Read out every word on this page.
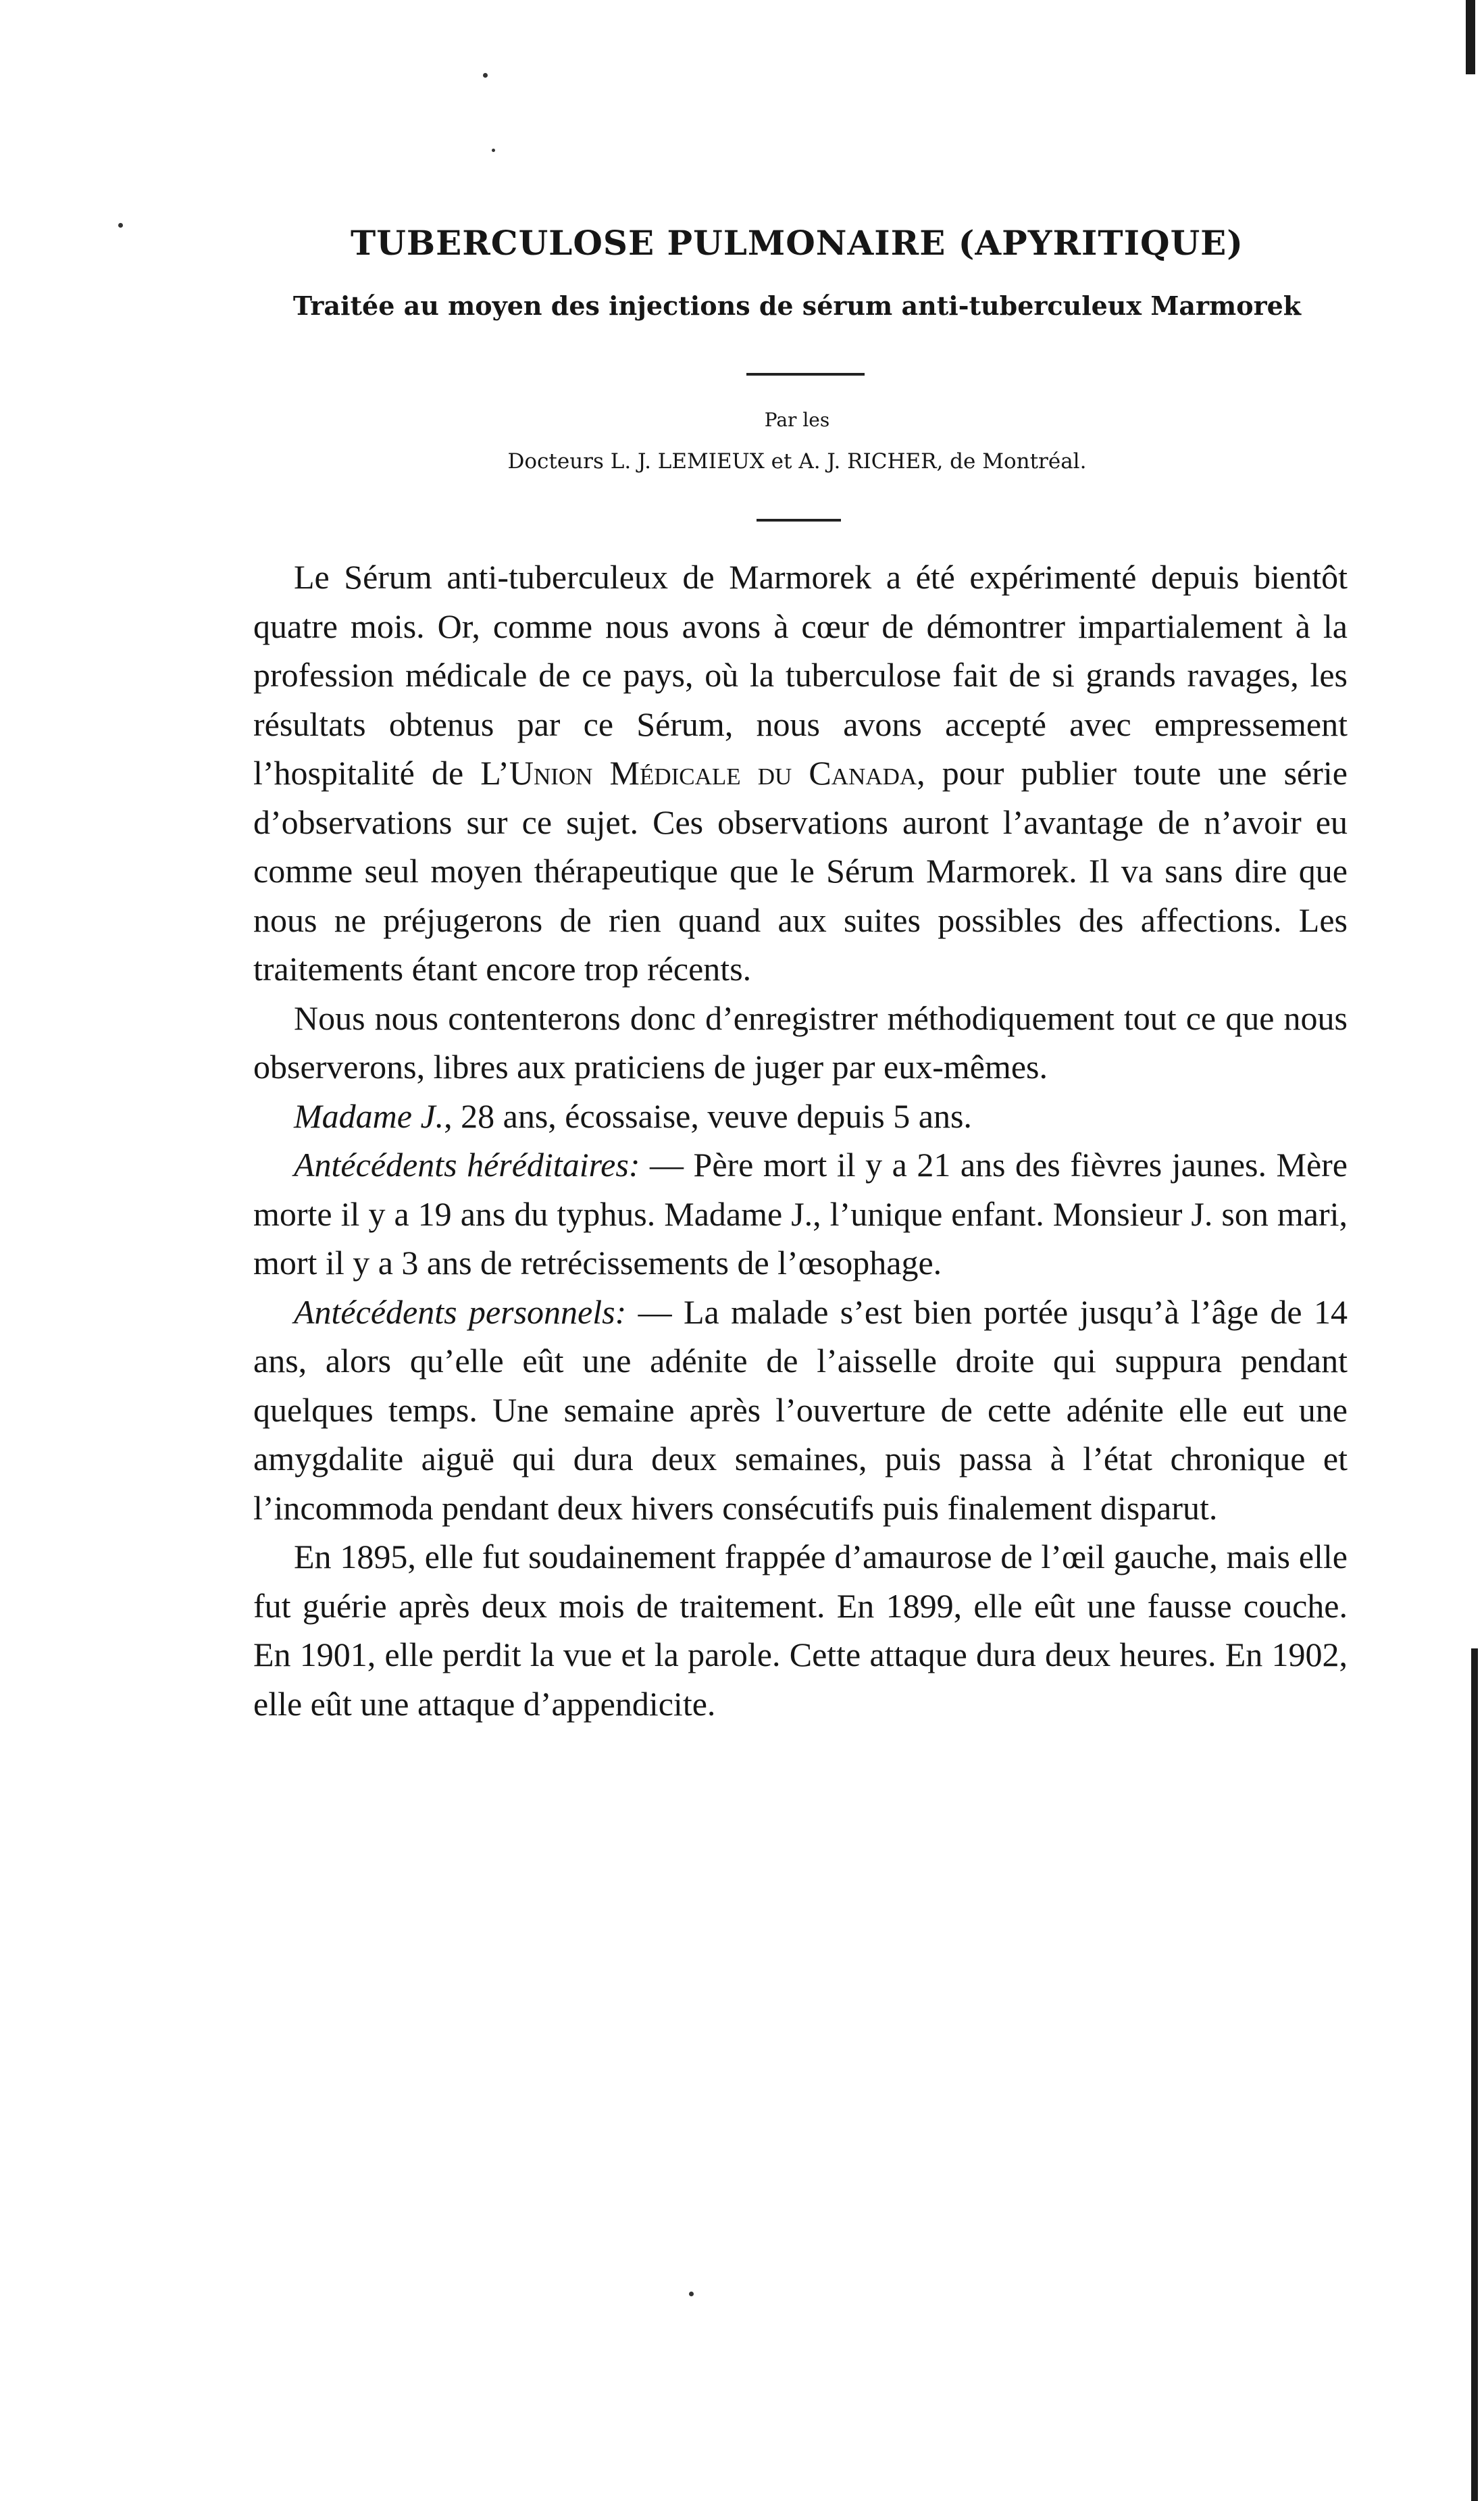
TUBERCULOSE PULMONAIRE (APYRITIQUE)
Traitée au moyen des injections de sérum anti-tuberculeux Marmorek
Par les
Docteurs L. J. LEMIEUX et A. J. RICHER, de Montréal.

Le Sérum anti-tuberculeux de Marmorek a été expérimenté depuis bientôt quatre mois. Or, comme nous avons à cœur de démontrer impartialement à la profession médicale de ce pays, où la tuberculose fait de si grands ravages, les résultats obtenus par ce Sérum, nous avons accepté avec empressement l’hospitalité de L’Union Médicale du Canada, pour publier toute une série d’observations sur ce sujet. Ces observations auront l’avantage de n’avoir eu comme seul moyen thérapeutique que le Sérum Marmorek. Il va sans dire que nous ne préjugerons de rien quand aux suites possibles des affections. Les traitements étant encore trop récents.

Nous nous contenterons donc d’enregistrer méthodiquement tout ce que nous observerons, libres aux praticiens de juger par eux-mêmes.

Madame J., 28 ans, écossaise, veuve depuis 5 ans.

Antécédents héréditaires: — Père mort il y a 21 ans des fièvres jaunes. Mère morte il y a 19 ans du typhus. Madame J., l’unique enfant. Monsieur J. son mari, mort il y a 3 ans de retrécissements de l’œsophage.

Antécédents personnels: — La malade s’est bien portée jusqu’à l’âge de 14 ans, alors qu’elle eût une adénite de l’aisselle droite qui suppura pendant quelques temps. Une semaine après l’ouverture de cette adénite elle eut une amygdalite aiguë qui dura deux semaines, puis passa à l’état chronique et l’incommoda pendant deux hivers consécutifs puis finalement disparut.

En 1895, elle fut soudainement frappée d’amaurose de l’œil gauche, mais elle fut guérie après deux mois de traitement. En 1899, elle eût une fausse couche. En 1901, elle perdit la vue et la parole. Cette attaque dura deux heures. En 1902, elle eût une attaque d’appendicite.
